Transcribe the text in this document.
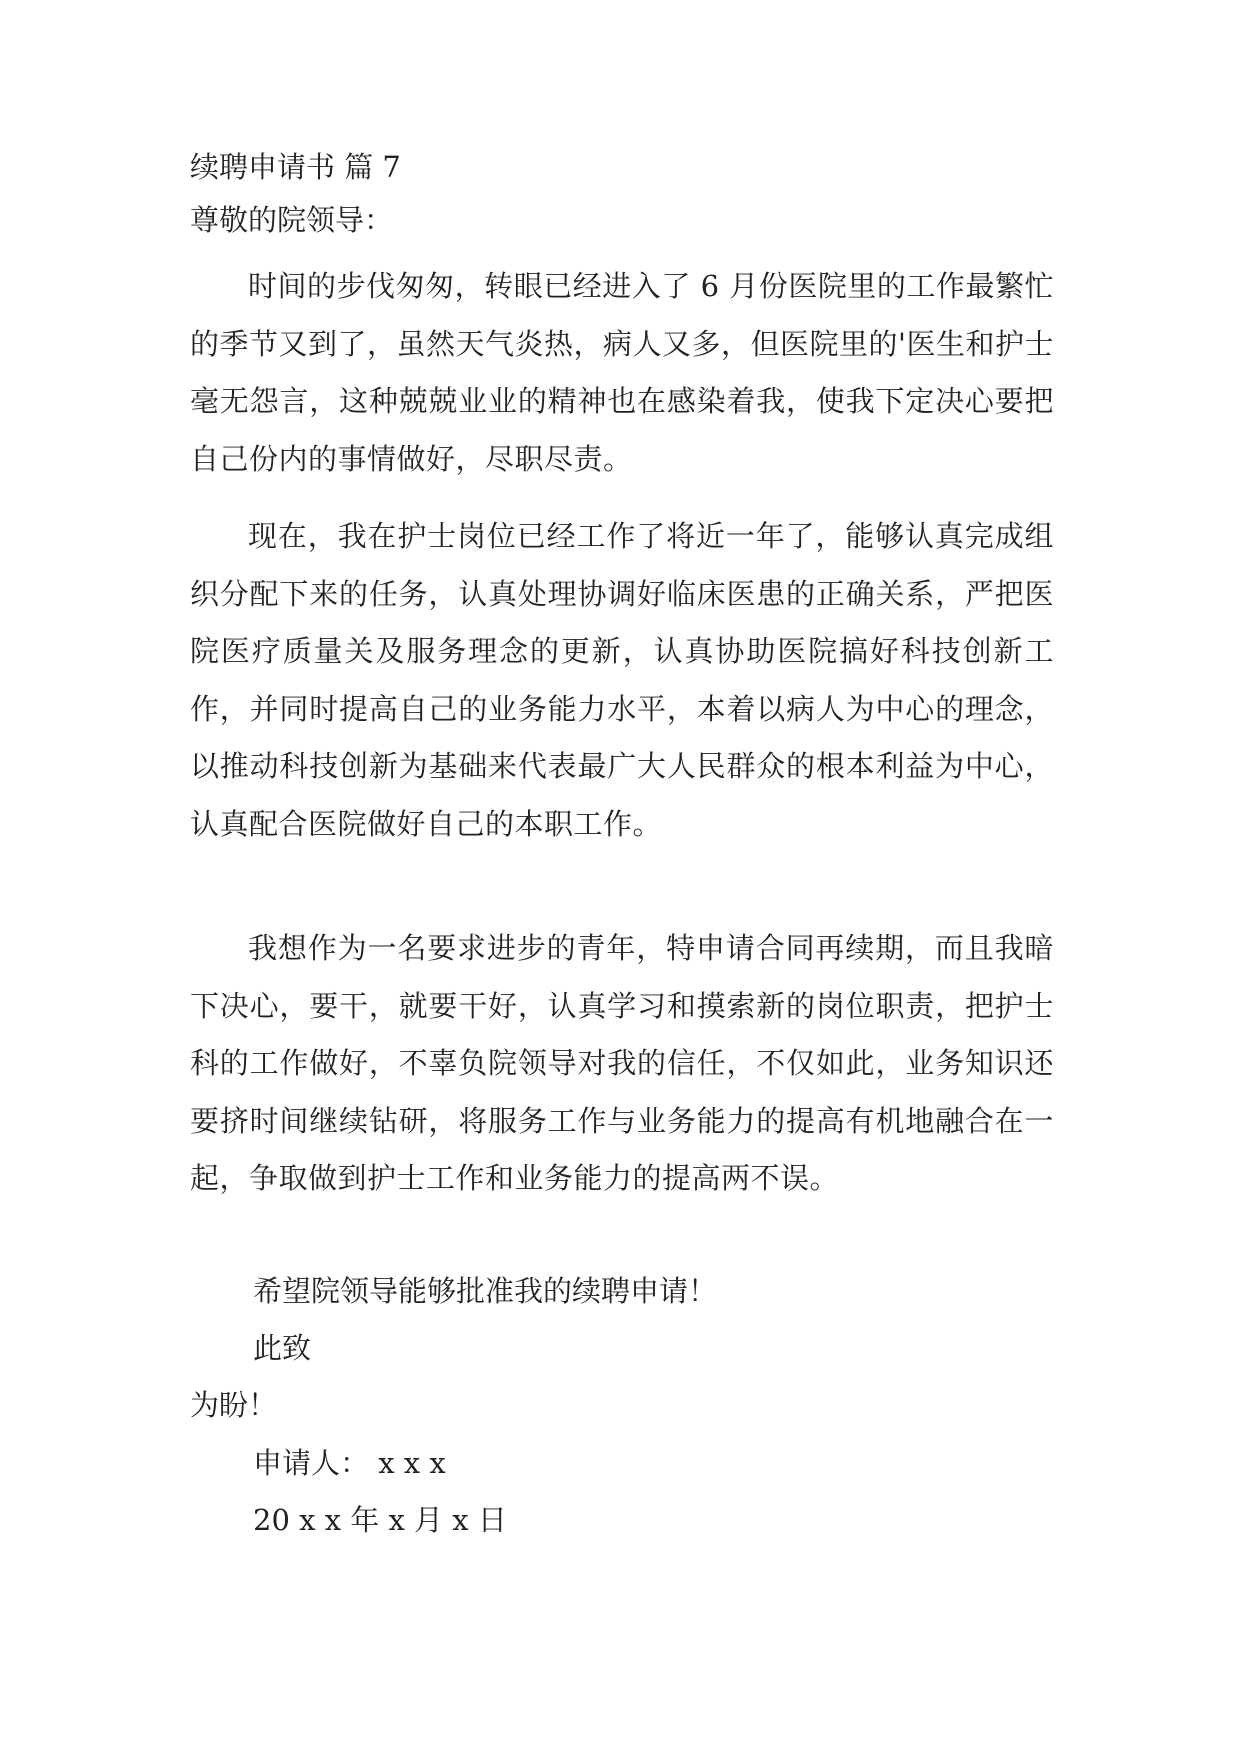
续聘申请书 篇 7

尊敬的院领导：

时间的步伐匆匆，转眼已经进入了 6 月份医院里的工作最繁忙的季节又到了，虽然天气炎热，病人又多，但医院里的'医生和护士毫无怨言，这种兢兢业业的精神也在感染着我，使我下定决心要把自己份内的事情做好，尽职尽责。

现在，我在护士岗位已经工作了将近一年了，能够认真完成组织分配下来的任务，认真处理协调好临床医患的正确关系，严把医院医疗质量关及服务理念的更新，认真协助医院搞好科技创新工作，并同时提高自己的业务能力水平，本着以病人为中心的理念，以推动科技创新为基础来代表最广大人民群众的根本利益为中心，认真配合医院做好自己的本职工作。

我想作为一名要求进步的青年，特申请合同再续期，而且我暗下决心，要干，就要干好，认真学习和摸索新的岗位职责，把护士科的工作做好，不辜负院领导对我的信任，不仅如此，业务知识还要挤时间继续钻研，将服务工作与业务能力的提高有机地融合在一起，争取做到护士工作和业务能力的提高两不误。

希望院领导能够批准我的续聘申请！

此致

为盼！

申请人： x x x

20 x x 年 x 月 x 日
